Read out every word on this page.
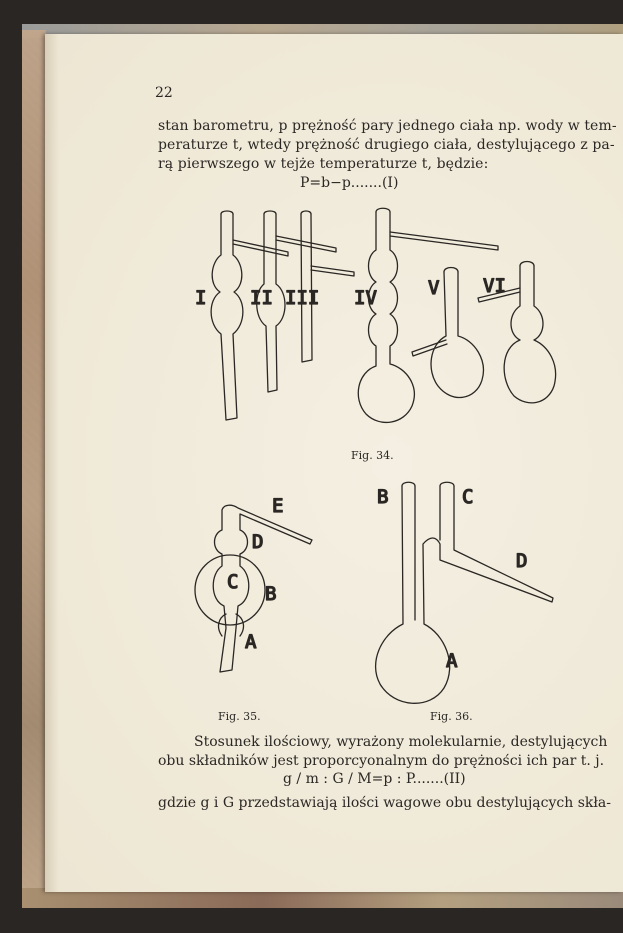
22
stan barometru, p prężność pary jednego ciała np. wody w tem-
peraturze t, wtedy prężność drugiego ciała, destylującego z pa-
rą pierwszego w tejże temperaturze t, będzie:
P=b−p.......(I)
I II III IV	V VI
E
D
C
B
A
B	C
D
A
Fig. 34.
Fig. 35.	Fig. 36.
Stosunek ilościowy, wyrażony molekularnie, destylujących
obu składników jest proporcyonalnym do prężności ich par t. j.
g / m : G / M=p : P.......(II)
gdzie g i G przedstawiają ilości wagowe obu destylujących skła-
